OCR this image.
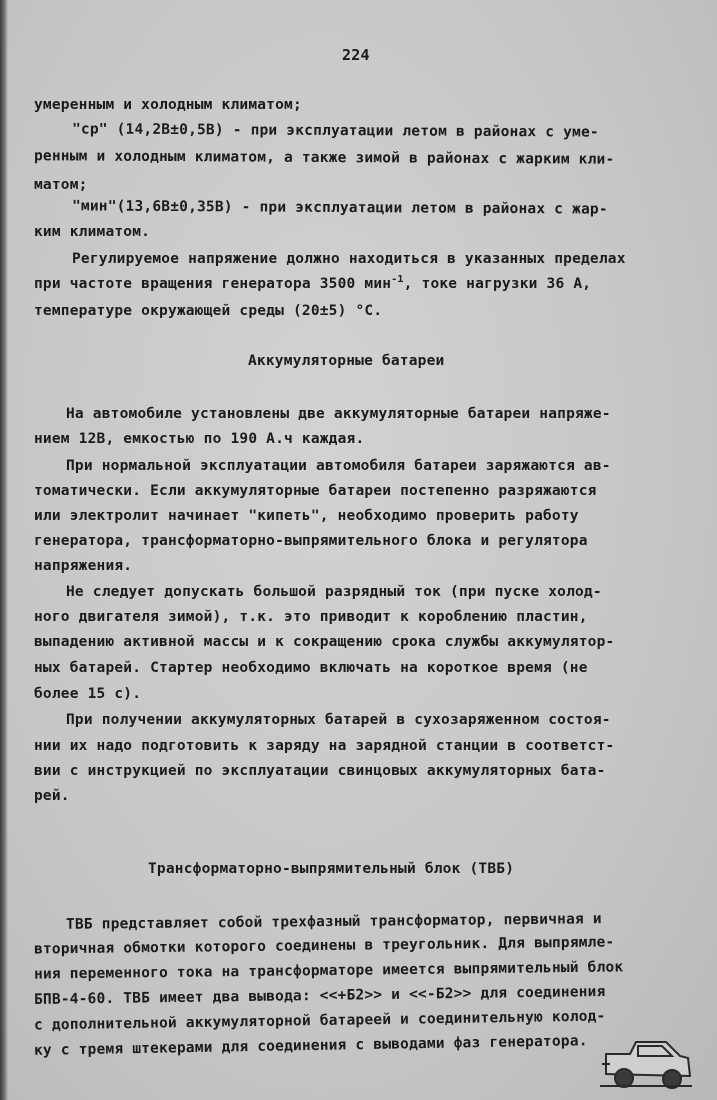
224
умеренным и холодным климатом;
"ср" (14,2В±0,5В) - при эксплуатации летом в районах с уме-
ренным и холодным климатом, а также зимой в районах с жарким кли-
матом;
"мин"(13,6В±0,35В) - при эксплуатации летом в районах с жар-
ким климатом.
Регулируемое напряжение должно находиться в указанных пределах
при частоте вращения генератора 3500 мин$^{-1}$, токе нагрузки 36 А,
температуре окружающей среды (20±5) °С.
Аккумуляторные батареи
На автомобиле установлены две аккумуляторные батареи напряже-
нием 12В, емкостью по 190 А.ч каждая.
При нормальной эксплуатации автомобиля батареи заряжаются ав-
томатически. Если аккумуляторные батареи постепенно разряжаются
или электролит начинает "кипеть", необходимо проверить работу
генератора, трансформаторно-выпрямительного блока и регулятора
напряжения.
Не следует допускать большой разрядный ток (при пуске холод-
ного двигателя зимой), т.к. это приводит к короблению пластин,
выпадению активной массы и к сокращению срока службы аккумулятор-
ных батарей. Стартер необходимо включать на короткое время (не
более 15 с).
При получении аккумуляторных батарей в сухозаряженном состоя-
нии их надо подготовить к заряду на зарядной станции в соответст-
вии с инструкцией по эксплуатации свинцовых аккумуляторных бата-
рей.
Трансформаторно-выпрямительный блок (ТВБ)
ТВБ представляет собой трехфазный трансформатор, первичная и
вторичная обмотки которого соединены в треугольник. Для выпрямле-
ния переменного тока на трансформаторе имеется выпрямительный блок
БПВ-4-60. ТВБ имеет два вывода: <<+Б2>> и <<-Б2>> для соединения
с дополнительной аккумуляторной батареей и соединительную колод-
ку с тремя штекерами для соединения с выводами фаз генератора.
